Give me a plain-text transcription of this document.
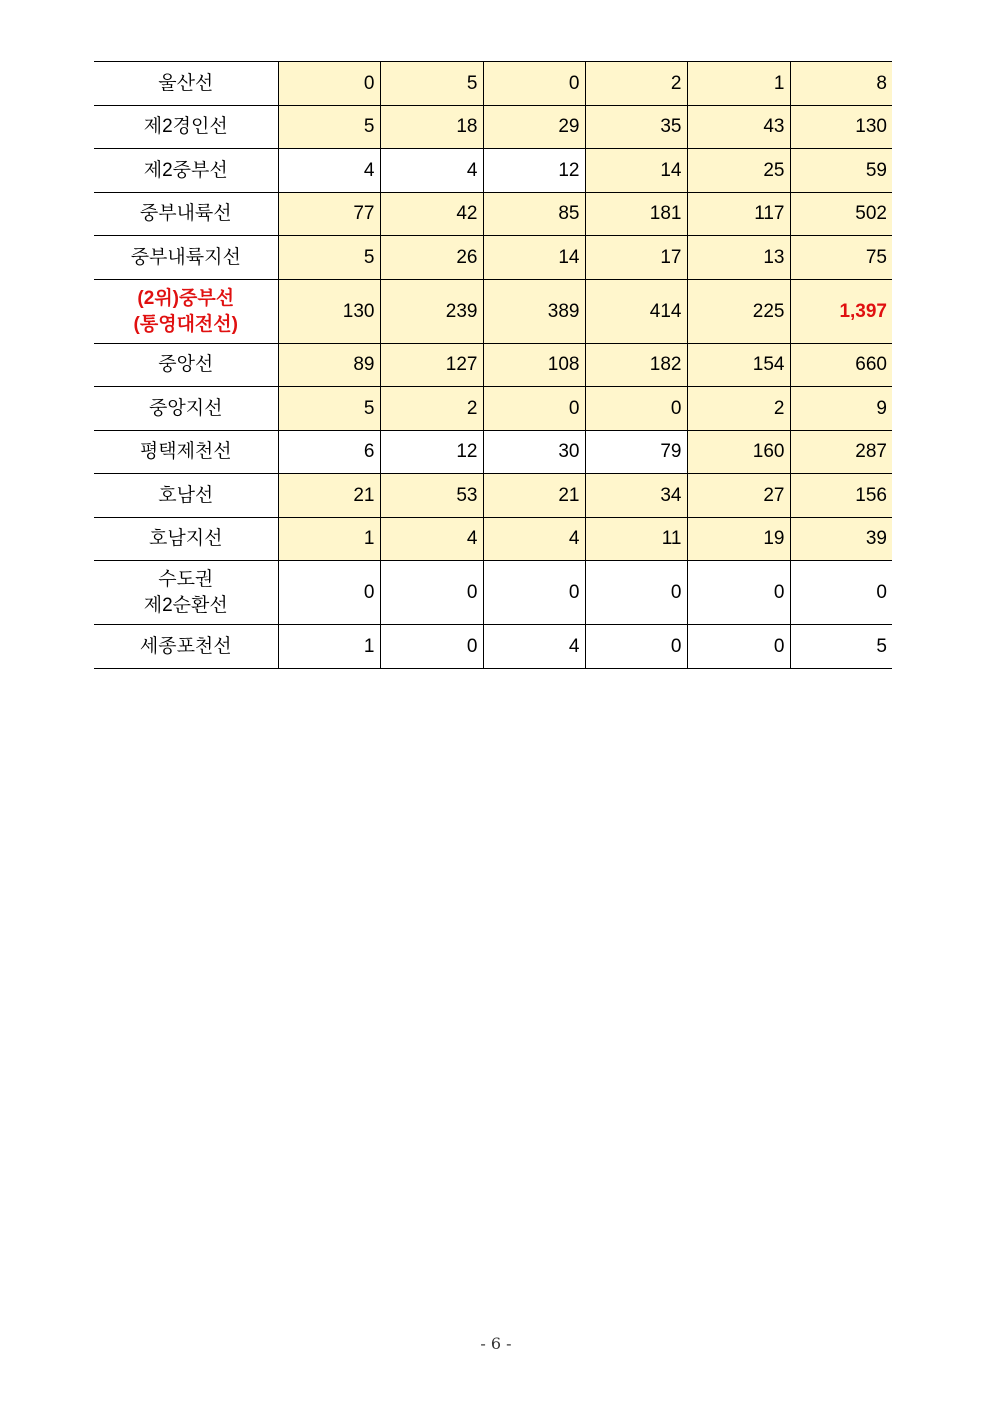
울산선	0	5	0	2	1	8

제2경인선	5	18	29	35	43	130

제2중부선	4	4	12	14	25	59

중부내륙선	77	42	85	181	117	502

중부내륙지선	5	26	14	17	13	75

(2위)중부선
(통영대전선)	130	239	389	414	225	1,397

중앙선	89	127	108	182	154	660

중앙지선	5	2	0	0	2	9

평택제천선	6	12	30	79	160	287

호남선	21	53	21	34	27	156

호남지선	1	4	4	11	19	39

수도권
제2순환선	0	0	0	0	0	0

세종포천선	1	0	4	0	0	5
- 6 -
